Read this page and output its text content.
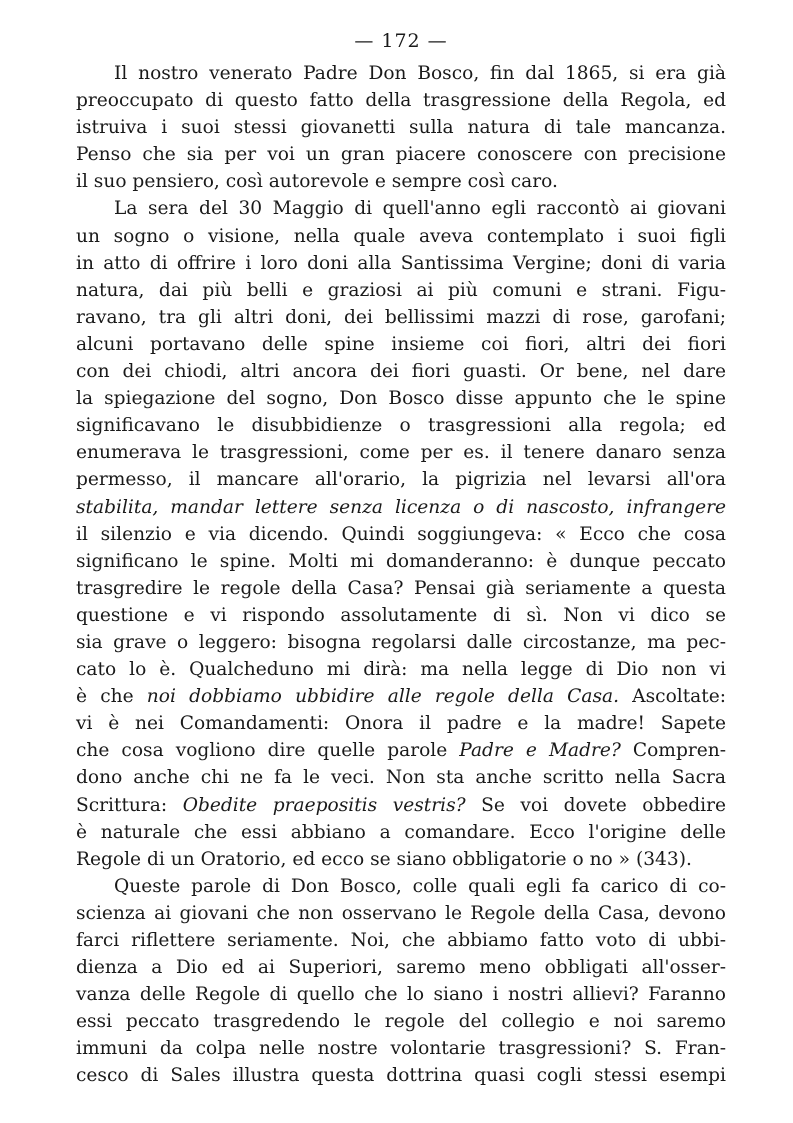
— 172 —

Il nostro venerato Padre Don Bosco, fin dal 1865, si era già
preoccupato di questo fatto della trasgressione della Regola, ed
istruiva i suoi stessi giovanetti sulla natura di tale mancanza.
Penso che sia per voi un gran piacere conoscere con precisione
il suo pensiero, così autorevole e sempre così caro.

La sera del 30 Maggio di quell'anno egli raccontò ai giovani
un sogno o visione, nella quale aveva contemplato i suoi figli
in atto di offrire i loro doni alla Santissima Vergine; doni di varia
natura, dai più belli e graziosi ai più comuni e strani. Figu-
ravano, tra gli altri doni, dei bellissimi mazzi di rose, garofani;
alcuni portavano delle spine insieme coi fiori, altri dei fiori
con dei chiodi, altri ancora dei fiori guasti. Or bene, nel dare
la spiegazione del sogno, Don Bosco disse appunto che le spine
significavano le disubbidienze o trasgressioni alla regola; ed
enumerava le trasgressioni, come per es. il tenere danaro senza
permesso, il mancare all'orario, la pigrizia nel levarsi all'ora
stabilita, mandar lettere senza licenza o di nascosto, infrangere
il silenzio e via dicendo. Quindi soggiungeva: « Ecco che cosa
significano le spine. Molti mi domanderanno: è dunque peccato
trasgredire le regole della Casa? Pensai già seriamente a questa
questione e vi rispondo assolutamente di sì. Non vi dico se
sia grave o leggero: bisogna regolarsi dalle circostanze, ma pec-
cato lo è. Qualcheduno mi dirà: ma nella legge di Dio non vi
è che noi dobbiamo ubbidire alle regole della Casa. Ascoltate:
vi è nei Comandamenti: Onora il padre e la madre! Sapete
che cosa vogliono dire quelle parole Padre e Madre? Compren-
dono anche chi ne fa le veci. Non sta anche scritto nella Sacra
Scrittura: Obedite praepositis vestris? Se voi dovete obbedire
è naturale che essi abbiano a comandare. Ecco l'origine delle
Regole di un Oratorio, ed ecco se siano obbligatorie o no » (343).

Queste parole di Don Bosco, colle quali egli fa carico di co-
scienza ai giovani che non osservano le Regole della Casa, devono
farci riflettere seriamente. Noi, che abbiamo fatto voto di ubbi-
dienza a Dio ed ai Superiori, saremo meno obbligati all'osser-
vanza delle Regole di quello che lo siano i nostri allievi? Faranno
essi peccato trasgredendo le regole del collegio e noi saremo
immuni da colpa nelle nostre volontarie trasgressioni? S. Fran-
cesco di Sales illustra questa dottrina quasi cogli stessi esempi
